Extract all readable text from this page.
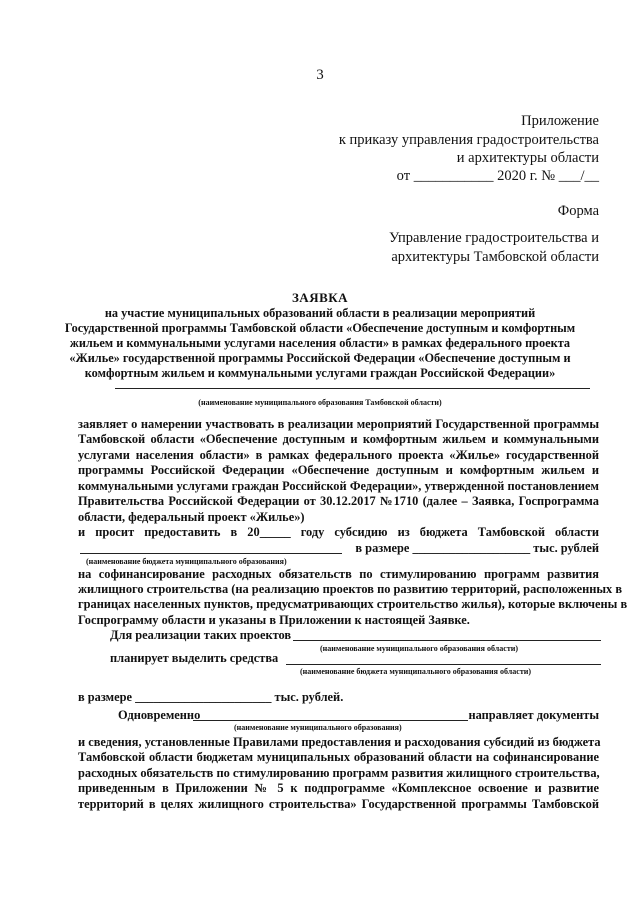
3
Приложение
к приказу управления градостроительства
и архитектуры области
от ___________ 2020 г. № ___/__
Форма
Управление градостроительства и
архитектуры Тамбовской области
ЗАЯВКА
на участие муниципальных образований области в реализации мероприятий
Государственной программы Тамбовской области «Обеспечение доступным и комфортным
жильем и коммунальными услугами населения области» в рамках федерального проекта
«Жилье» государственной программы Российской Федерации «Обеспечение доступным и
комфортным жильем и коммунальными услугами граждан Российской Федерации»
(наименование муниципального образования Тамбовской области)
заявляет о намерении участвовать в реализации мероприятий Государственной программы
Тамбовской области «Обеспечение доступным и комфортным жильем и коммунальными
услугами населения области» в рамках федерального проекта «Жилье» государственной
программы Российской Федерации «Обеспечение доступным и комфортным жильем и
коммунальными услугами граждан Российской Федерации», утвержденной постановлением
Правительства Российской Федерации от 30.12.2017 №1710 (далее – Заявка, Госпрограмма
области, федеральный проект «Жилье»)
и просит предоставить в 20_____ году субсидию из бюджета Тамбовской области
в размере ___________________ тыс. рублей
(наименование бюджета муниципального образования)
на софинансирование расходных обязательств по стимулированию программ развития
жилищного строительства (на реализацию проектов по развитию территорий, расположенных в
границах населенных пунктов, предусматривающих строительство жилья), которые включены в
Госпрограмму области и указаны в Приложении к настоящей Заявке.
Для реализации таких проектов
(наименование муниципального образования области)
планирует выделить средства
(наименование бюджета муниципального образования области)
в размере ______________________ тыс. рублей.
Одновременно	направляет документы
(наименование муниципального образования)
и сведения, установленные Правилами предоставления и расходования субсидий из бюджета
Тамбовской области бюджетам муниципальных образований области на софинансирование
расходных обязательств по стимулированию программ развития жилищного строительства,
приведенным в Приложении № 5 к подпрограмме «Комплексное освоение и развитие
территорий в целях жилищного строительства» Государственной программы Тамбовской
